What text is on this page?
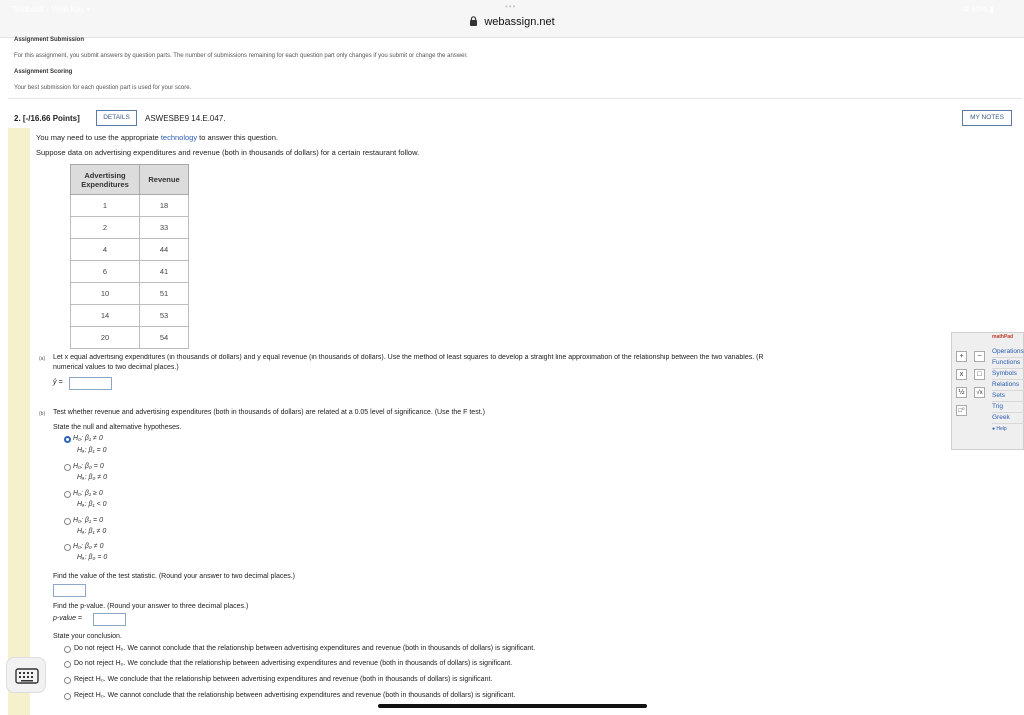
Textbook · View Key ▾	•••	≋ 69% ▮
webassign.net
Assignment Submission
For this assignment, you submit answers by question parts. The number of submissions remaining for each question part only changes if you submit or change the answer.
Assignment Scoring
Your best submission for each question part is used for your score.
2. [-/16.66 Points]	DETAILS	ASWESBE9 14.E.047.	MY NOTES
You may need to use the appropriate technology to answer this question.
Suppose data on advertising expenditures and revenue (both in thousands of dollars) for a certain restaurant follow.
Advertising Expenditures	Revenue
1	18
2	33
4	44
6	41
10	51
14	53
20	54
(a) Let x equal advertising expenditures (in thousands of dollars) and y equal revenue (in thousands of dollars). Use the method of least squares to develop a straight line approximation of the relationship between the two variables. (R
numerical values to two decimal places.)
ŷ =
(b) Test whether revenue and advertising expenditures (both in thousands of dollars) are related at a 0.05 level of significance. (Use the F test.)
State the null and alternative hypotheses.
H₀: β₁ ≠ 0
Hₐ: β₁ = 0
H₀: β₀ = 0
Hₐ: β₀ ≠ 0
H₀: β₁ ≥ 0
Hₐ: β₁ < 0
H₀: β₁ = 0
Hₐ: β₁ ≠ 0
H₀: β₀ ≠ 0
Hₐ: β₀ = 0
Find the value of the test statistic. (Round your answer to two decimal places.)
Find the p-value. (Round your answer to three decimal places.)
p-value =
State your conclusion.
Do not reject H₀. We cannot conclude that the relationship between advertising expenditures and revenue (both in thousands of dollars) is significant.
Do not reject H₀. We conclude that the relationship between advertising expenditures and revenue (both in thousands of dollars) is significant.
Reject H₀. We conclude that the relationship between advertising expenditures and revenue (both in thousands of dollars) is significant.
Reject H₀. We cannot conclude that the relationship between advertising expenditures and revenue (both in thousands of dollars) is significant.
mathPad
+	−
x	□
½	√x
□⁰
Operations
Functions
Symbols
Relations
Sets
Trig
Greek
● Help
